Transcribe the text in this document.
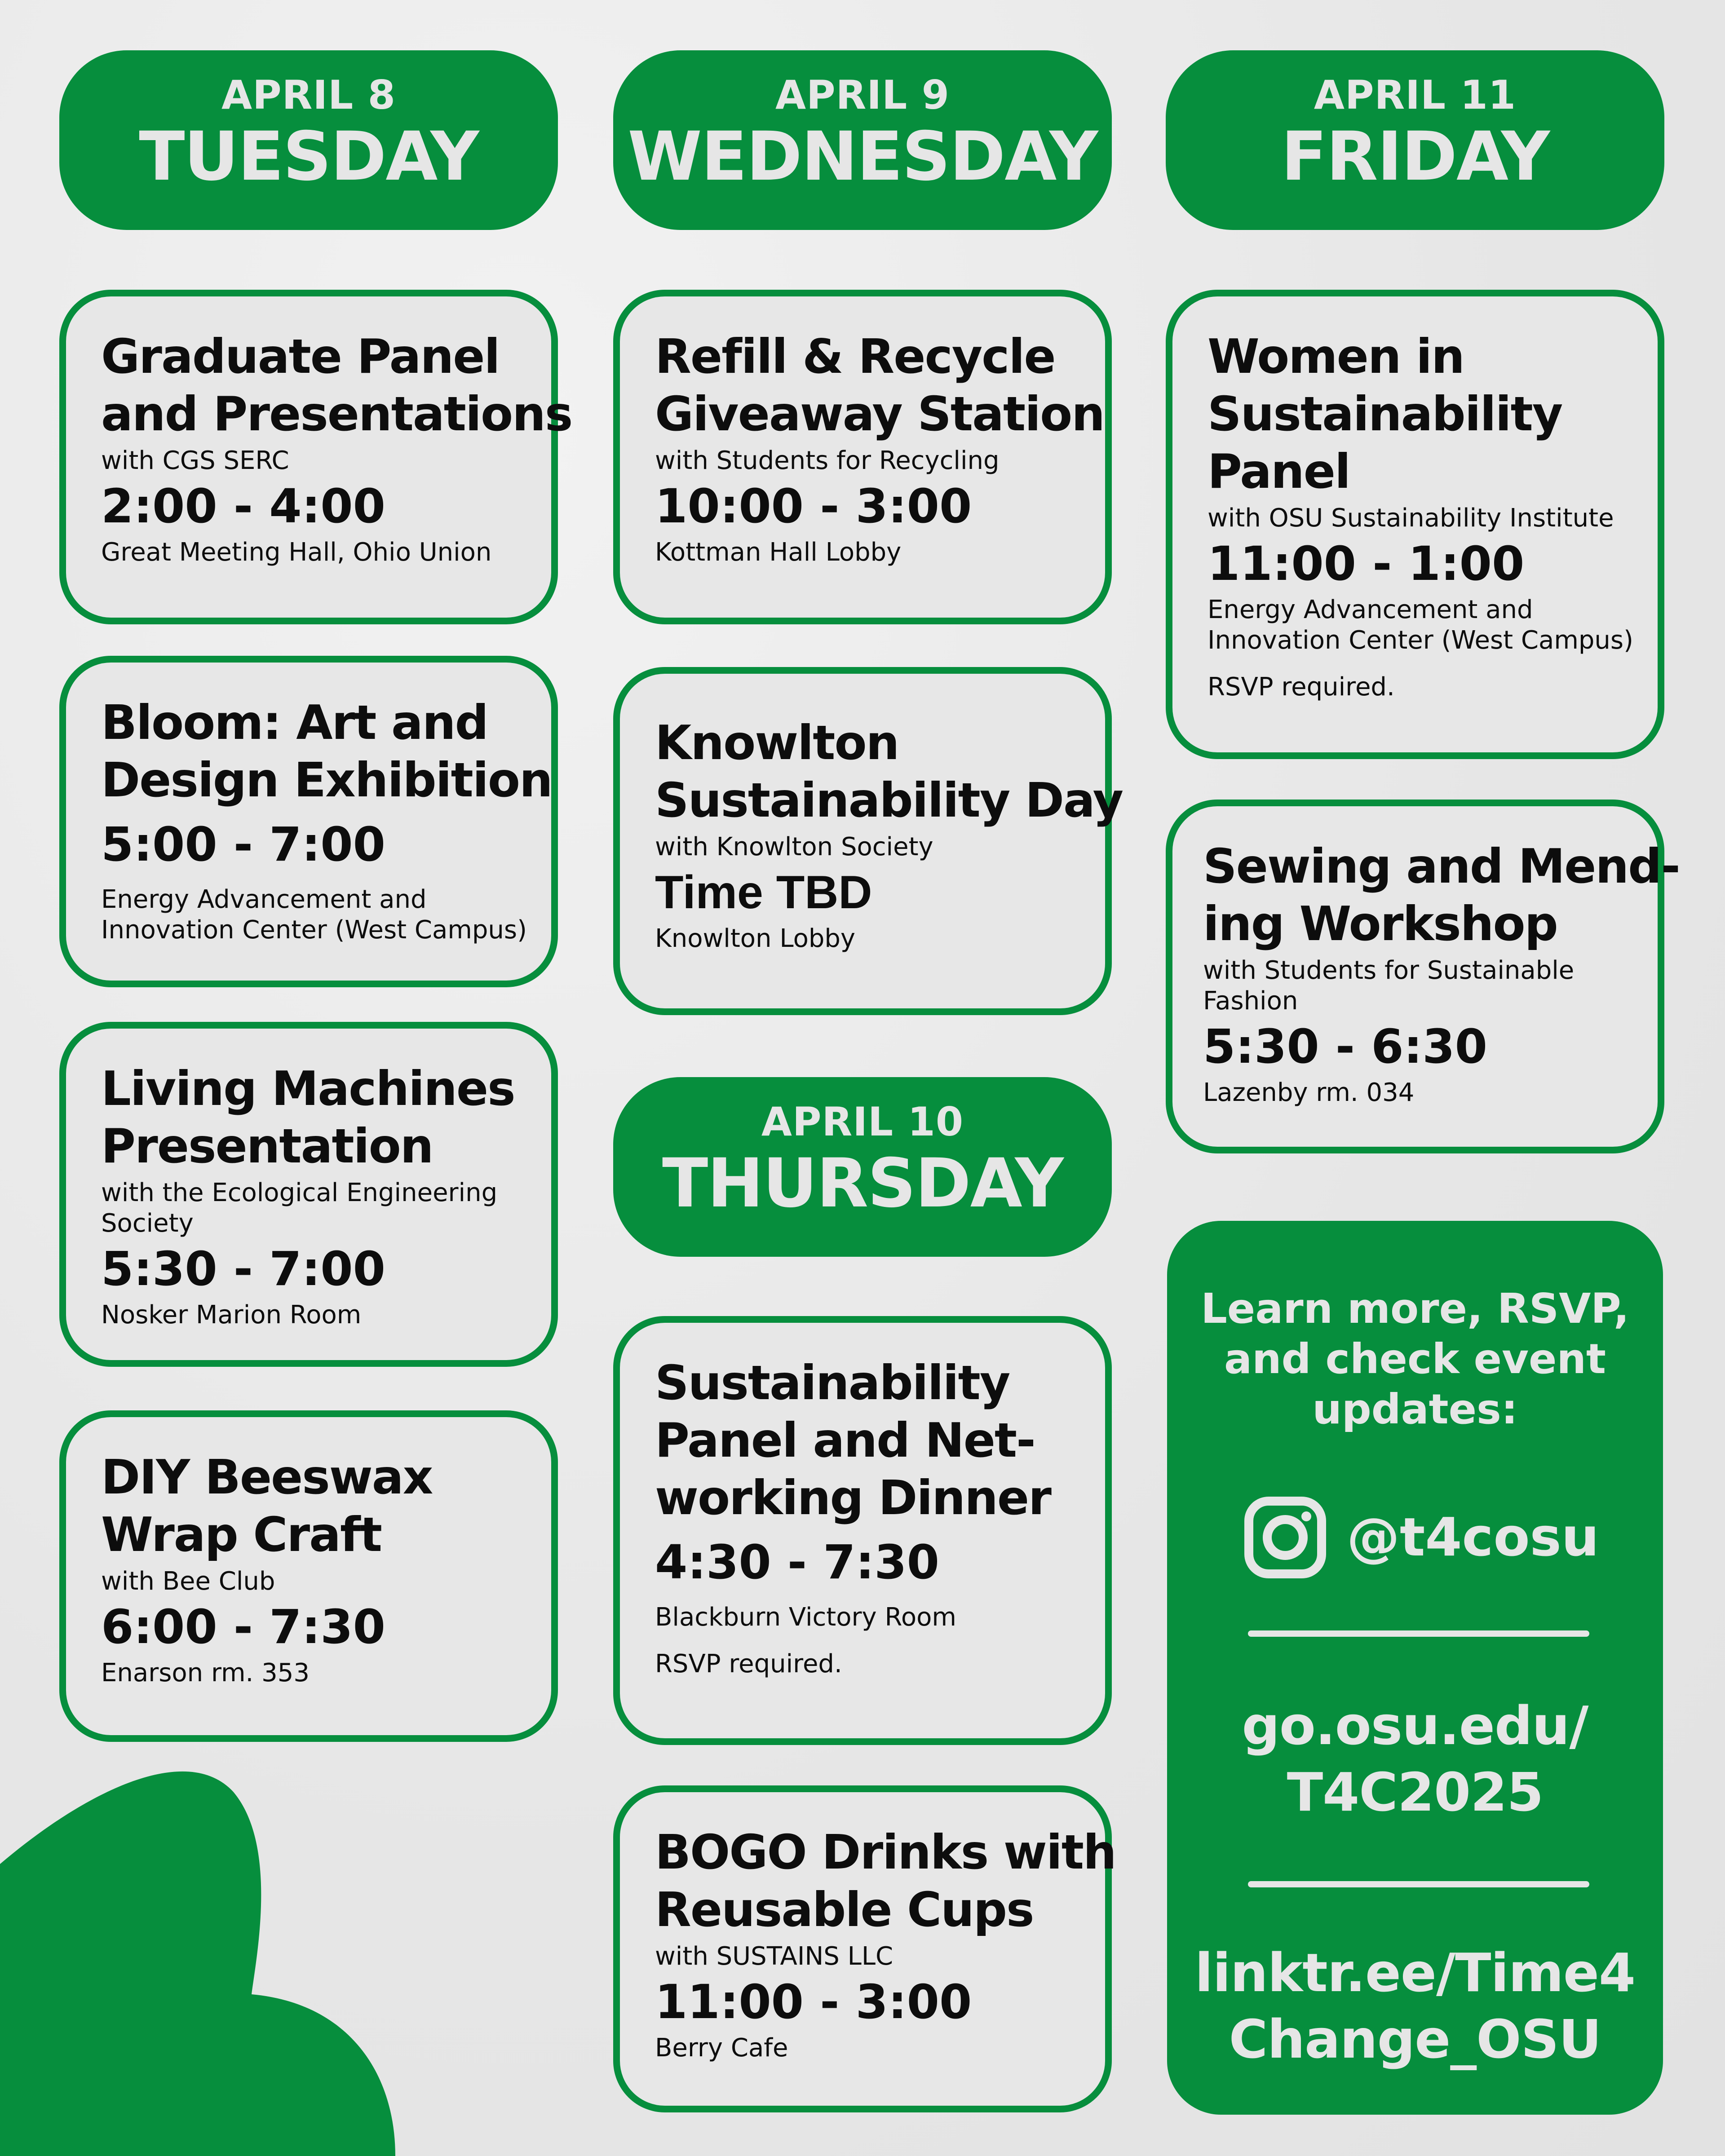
APRIL 8
TUESDAY
APRIL 9
WEDNESDAY
APRIL 11
FRIDAY
APRIL 10
THURSDAY
Graduate Panel
and Presentations
with CGS SERC
2:00 - 4:00
Great Meeting Hall, Ohio Union
Bloom: Art and
Design Exhibition
5:00 - 7:00
Energy Advancement and
Innovation Center (West Campus)
Living Machines
Presentation
with the Ecological Engineering
Society
5:30 - 7:00
Nosker Marion Room
DIY Beeswax
Wrap Craft
with Bee Club
6:00 - 7:30
Enarson rm. 353
Refill & Recycle
Giveaway Station
with Students for Recycling
10:00 - 3:00
Kottman Hall Lobby
Knowlton
Sustainability Day
with Knowlton Society
Time TBD
Knowlton Lobby
Sustainability
Panel and Net-
working Dinner
4:30 - 7:30
Blackburn Victory Room
RSVP required.
BOGO Drinks with
Reusable Cups
with SUSTAINS LLC
11:00 - 3:00
Berry Cafe
Women in
Sustainability
Panel
with OSU Sustainability Institute
11:00 - 1:00
Energy Advancement and
Innovation Center (West Campus)
RSVP required.
Sewing and Mend-
ing Workshop
with Students for Sustainable
Fashion
5:30 - 6:30
Lazenby rm. 034
Learn more, RSVP,
and check event
updates:
@t4cosu
go.osu.edu/
T4C2025
linktr.ee/Time4
Change_OSU
